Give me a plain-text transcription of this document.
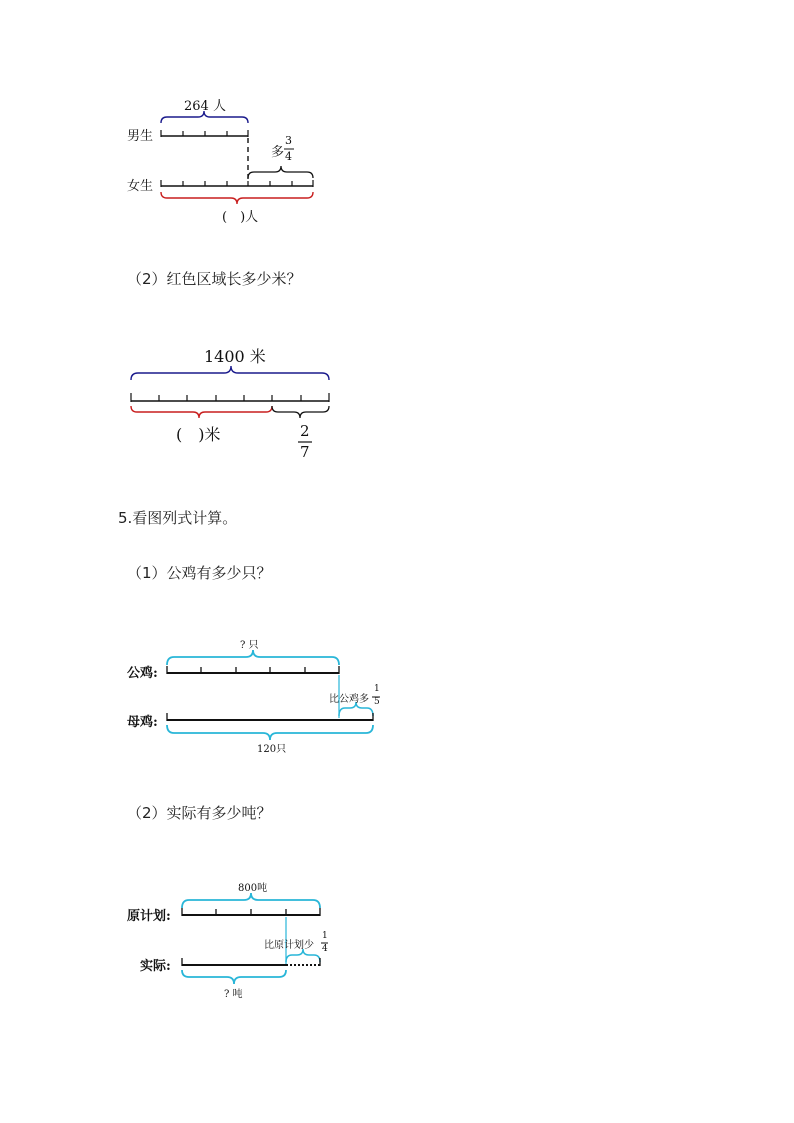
264 人
男生
女生
多
3
4
(　)人
（2）红色区域长多少米？
1400 米
(　)米	2
7
5.看图列式计算。
（1）公鸡有多少只？
? 只
公鸡:
母鸡:
比公鸡多
1
5
120只
（2）实际有多少吨？
800吨
原计划:
实际:
比原计划少
1
4
? 吨
